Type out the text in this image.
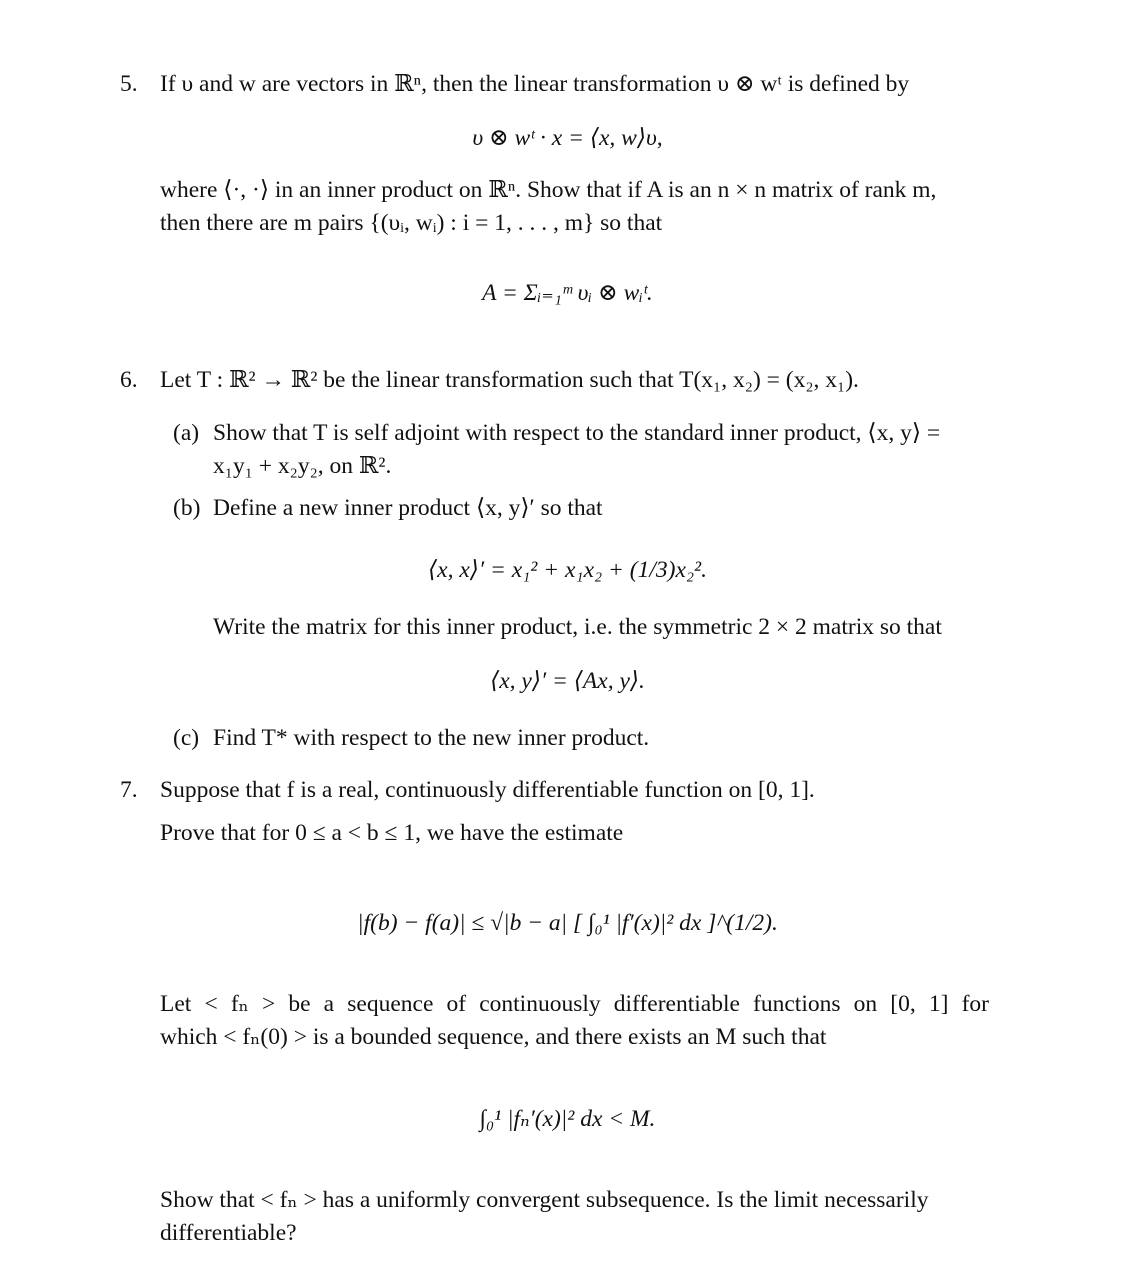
5. If υ and w are vectors in ℝⁿ, then the linear transformation υ ⊗ wᵗ is defined by
υ ⊗ wᵗ · x = ⟨x, w⟩υ,
where ⟨·, ·⟩ in an inner product on ℝⁿ. Show that if A is an n × n matrix of rank m,
then there are m pairs {(υᵢ, wᵢ) : i = 1, . . . , m} so that
A = Σᵢ₌₁ᵐ υᵢ ⊗ wᵢᵗ.
6. Let T : ℝ² → ℝ² be the linear transformation such that T(x₁, x₂) = (x₂, x₁).
(a) Show that T is self adjoint with respect to the standard inner product, ⟨x, y⟩ =
x₁y₁ + x₂y₂, on ℝ².
(b) Define a new inner product ⟨x, y⟩′ so that
⟨x, x⟩′ = x₁² + x₁x₂ + (1/3)x₂².
Write the matrix for this inner product, i.e. the symmetric 2 × 2 matrix so that
⟨x, y⟩′ = ⟨Ax, y⟩.
(c) Find T* with respect to the new inner product.
7. Suppose that f is a real, continuously differentiable function on [0, 1].
Prove that for 0 ≤ a < b ≤ 1, we have the estimate
|f(b) − f(a)| ≤ √|b − a| [ ∫₀¹ |f′(x)|² dx ]^(1/2).
Let < fₙ > be a sequence of continuously differentiable functions on [0, 1] for
which < fₙ(0) > is a bounded sequence, and there exists an M such that
∫₀¹ |fₙ′(x)|² dx < M.
Show that < fₙ > has a uniformly convergent subsequence. Is the limit necessarily
differentiable?
